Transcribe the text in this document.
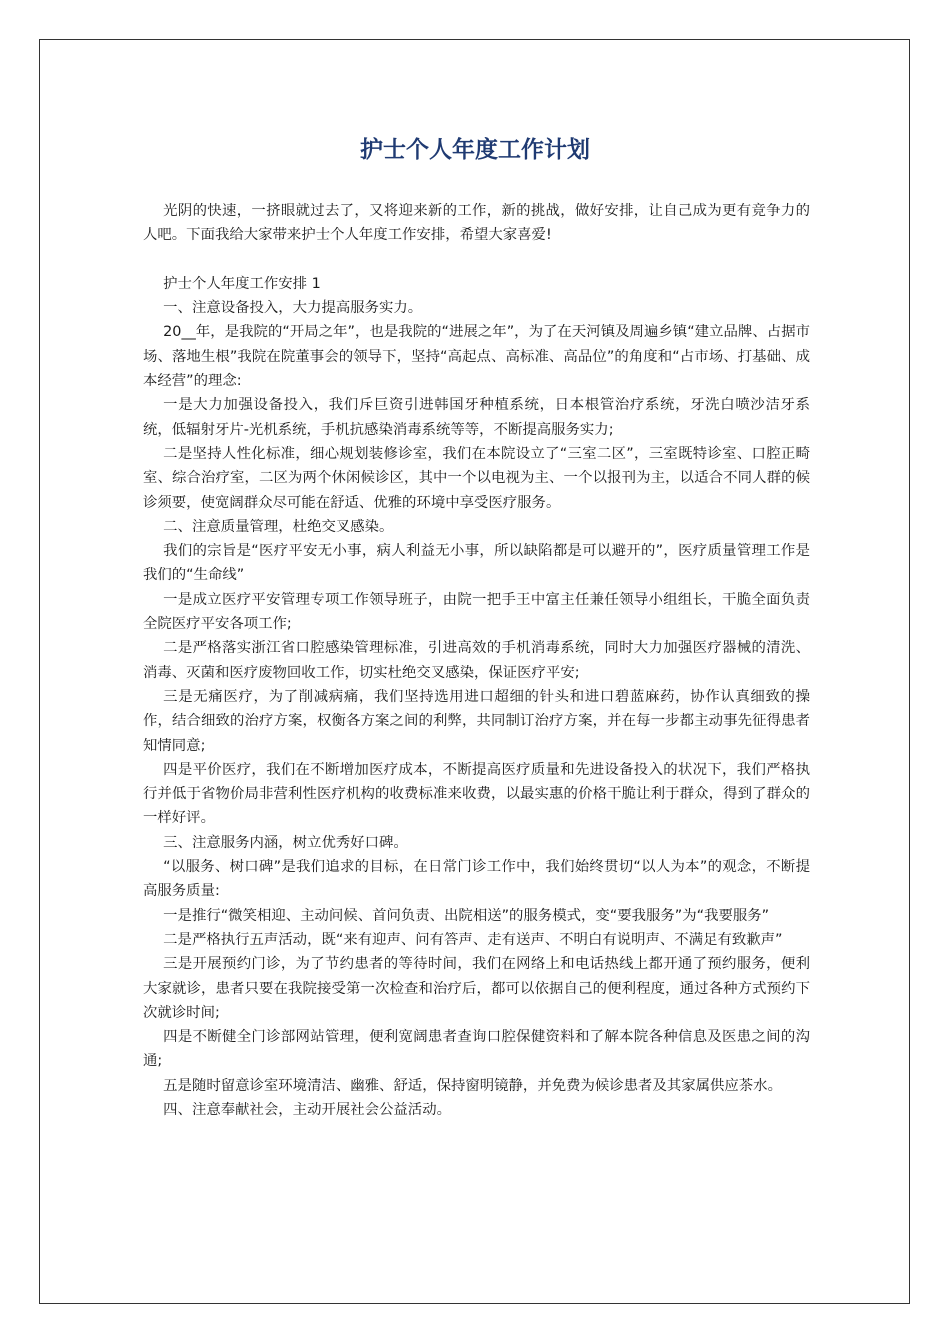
护士个人年度工作计划

光阴的快速，一挤眼就过去了，又将迎来新的工作，新的挑战，做好安排，让自己成为更有竞争力的人吧。下面我给大家带来护士个人年度工作安排，希望大家喜爱!

护士个人年度工作安排 1

一、注意设备投入，大力提高服务实力。

20__年，是我院的“开局之年”，也是我院的“进展之年”，为了在天河镇及周遍乡镇“建立品牌、占据市场、落地生根”我院在院董事会的领导下，坚持“高起点、高标准、高品位”的角度和“占市场、打基础、成本经营”的理念:

一是大力加强设备投入，我们斥巨资引进韩国牙种植系统，日本根管治疗系统，牙洗白喷沙洁牙系统，低辐射牙片-光机系统，手机抗感染消毒系统等等，不断提高服务实力;

二是坚持人性化标准，细心规划装修诊室，我们在本院设立了“三室二区”，三室既特诊室、口腔正畸室、综合治疗室，二区为两个休闲候诊区，其中一个以电视为主、一个以报刊为主，以适合不同人群的候诊须要，使宽阔群众尽可能在舒适、优雅的环境中享受医疗服务。

二、注意质量管理，杜绝交叉感染。

我们的宗旨是“医疗平安无小事，病人利益无小事，所以缺陷都是可以避开的”，医疗质量管理工作是我们的“生命线”

一是成立医疗平安管理专项工作领导班子，由院一把手王中富主任兼任领导小组组长，干脆全面负责全院医疗平安各项工作;

二是严格落实浙江省口腔感染管理标准，引进高效的手机消毒系统，同时大力加强医疗器械的清洗、消毒、灭菌和医疗废物回收工作，切实杜绝交叉感染，保证医疗平安;

三是无痛医疗，为了削减病痛，我们坚持选用进口超细的针头和进口碧蓝麻药，协作认真细致的操作，结合细致的治疗方案，权衡各方案之间的利弊，共同制订治疗方案，并在每一步都主动事先征得患者知情同意;

四是平价医疗，我们在不断增加医疗成本，不断提高医疗质量和先进设备投入的状况下，我们严格执行并低于省物价局非营利性医疗机构的收费标准来收费，以最实惠的价格干脆让利于群众，得到了群众的一样好评。

三、注意服务内涵，树立优秀好口碑。

“以服务、树口碑”是我们追求的目标，在日常门诊工作中，我们始终贯切“以人为本”的观念，不断提高服务质量:

一是推行“微笑相迎、主动问候、首问负责、出院相送”的服务模式，变“要我服务”为“我要服务”

二是严格执行五声活动，既“来有迎声、问有答声、走有送声、不明白有说明声、不满足有致歉声”

三是开展预约门诊，为了节约患者的等待时间，我们在网络上和电话热线上都开通了预约服务，便利大家就诊，患者只要在我院接受第一次检查和治疗后，都可以依据自己的便利程度，通过各种方式预约下次就诊时间;

四是不断健全门诊部网站管理，便利宽阔患者查询口腔保健资料和了解本院各种信息及医患之间的沟通;

五是随时留意诊室环境清洁、幽雅、舒适，保持窗明镜静，并免费为候诊患者及其家属供应茶水。

四、注意奉献社会，主动开展社会公益活动。
